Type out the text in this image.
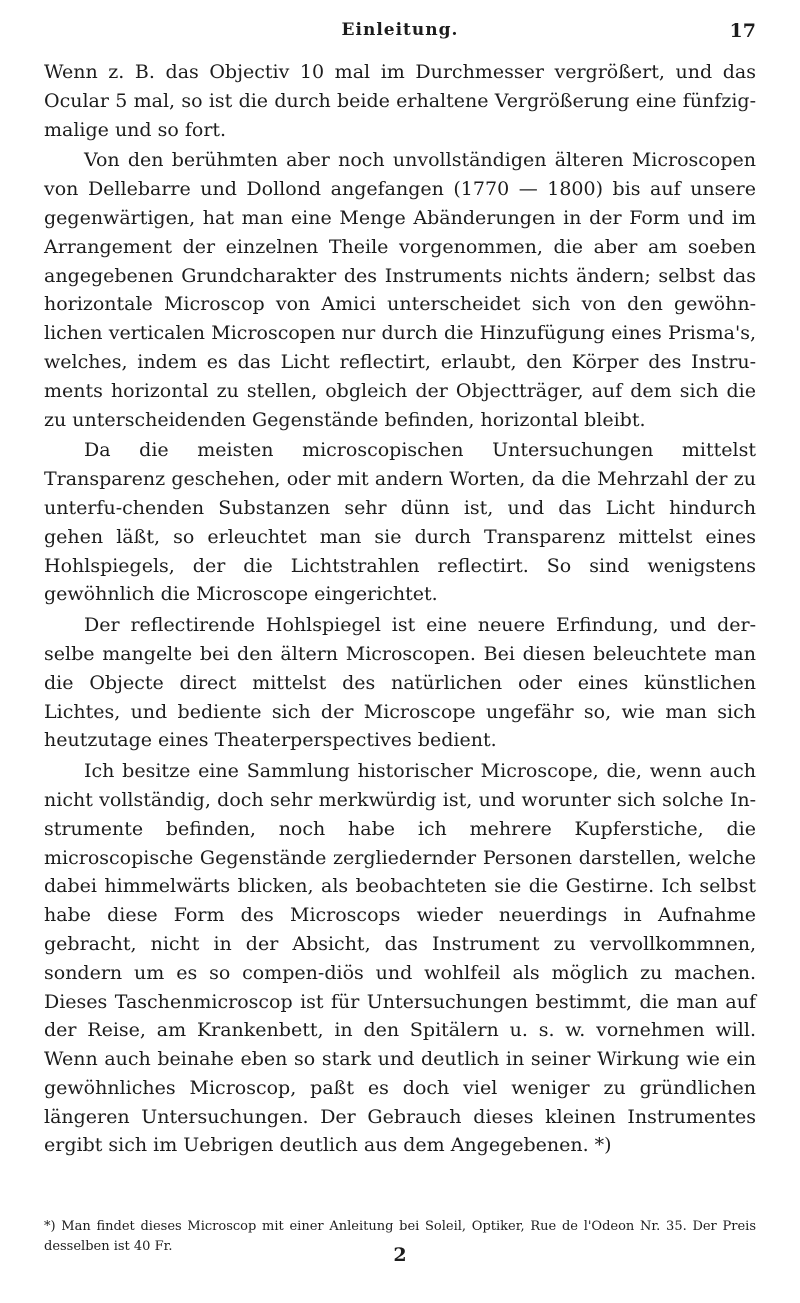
Einleitung.	17

Wenn z. B. das Objectiv 10 mal im Durchmesser vergrößert, und das Ocular 5 mal, so ist die durch beide erhaltene Vergrößerung eine fünfzig-malige und so fort.

Von den berühmten aber noch unvollständigen älteren Microscopen von Dellebarre und Dollond angefangen (1770 — 1800) bis auf unsere gegenwärtigen, hat man eine Menge Abänderungen in der Form und im Arrangement der einzelnen Theile vorgenommen, die aber am soeben angegebenen Grundcharakter des Instruments nichts ändern; selbst das horizontale Microscop von Amici unterscheidet sich von den gewöhn-lichen verticalen Microscopen nur durch die Hinzufügung eines Prisma's, welches, indem es das Licht reflectirt, erlaubt, den Körper des Instru-ments horizontal zu stellen, obgleich der Objectträger, auf dem sich die zu unterscheidenden Gegenstände befinden, horizontal bleibt.

Da die meisten microscopischen Untersuchungen mittelst Transparenz geschehen, oder mit andern Worten, da die Mehrzahl der zu unterfu-chenden Substanzen sehr dünn ist, und das Licht hindurch gehen läßt, so erleuchtet man sie durch Transparenz mittelst eines Hohlspiegels, der die Lichtstrahlen reflectirt. So sind wenigstens gewöhnlich die Microscope eingerichtet.

Der reflectirende Hohlspiegel ist eine neuere Erfindung, und der-selbe mangelte bei den ältern Microscopen. Bei diesen beleuchtete man die Objecte direct mittelst des natürlichen oder eines künstlichen Lichtes, und bediente sich der Microscope ungefähr so, wie man sich heutzutage eines Theaterperspectives bedient.

Ich besitze eine Sammlung historischer Microscope, die, wenn auch nicht vollständig, doch sehr merkwürdig ist, und worunter sich solche In-strumente befinden, noch habe ich mehrere Kupferstiche, die microscopische Gegenstände zergliedernder Personen darstellen, welche dabei himmelwärts blicken, als beobachteten sie die Gestirne. Ich selbst habe diese Form des Microscops wieder neuerdings in Aufnahme gebracht, nicht in der Absicht, das Instrument zu vervollkommnen, sondern um es so compen-diös und wohlfeil als möglich zu machen. Dieses Taschenmicroscop ist für Untersuchungen bestimmt, die man auf der Reise, am Krankenbett, in den Spitälern u. s. w. vornehmen will. Wenn auch beinahe eben so stark und deutlich in seiner Wirkung wie ein gewöhnliches Microscop, paßt es doch viel weniger zu gründlichen längeren Untersuchungen. Der Gebrauch dieses kleinen Instrumentes ergibt sich im Uebrigen deutlich aus dem Angegebenen. *)

*) Man findet dieses Microscop mit einer Anleitung bei Soleil, Optiker, Rue de l'Odeon Nr. 35. Der Preis desselben ist 40 Fr.	2
